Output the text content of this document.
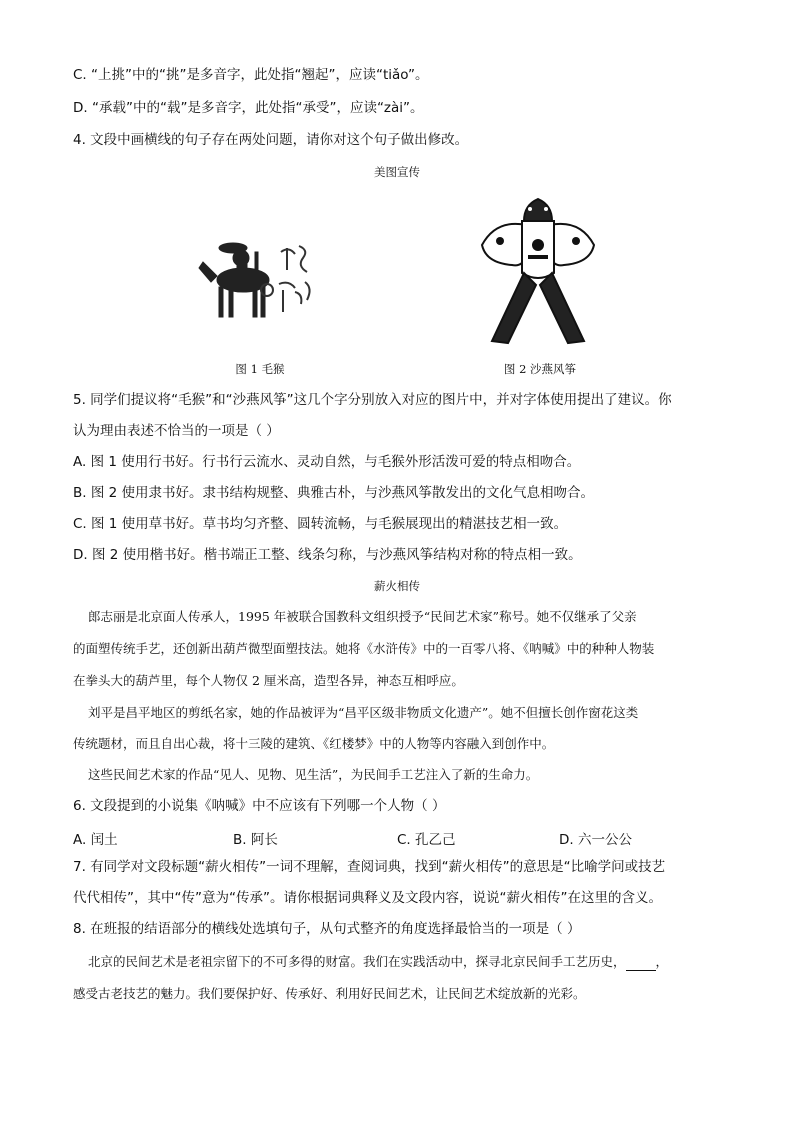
C. “上挑”中的“挑”是多音字，此处指“翘起”，应读“tiǎo”。
D. “承载”中的“载”是多音字，此处指“承受”，应读“zài”。
4. 文段中画横线的句子存在两处问题，请你对这个句子做出修改。
美图宣传
图 1 毛猴	图 2 沙燕风筝
5. 同学们提议将“毛猴”和“沙燕风筝”这几个字分别放入对应的图片中，并对字体使用提出了建议。你
认为理由表述不恰当的一项是（ ）
A. 图 1 使用行书好。行书行云流水、灵动自然，与毛猴外形活泼可爱的特点相吻合。
B. 图 2 使用隶书好。隶书结构规整、典雅古朴，与沙燕风筝散发出的文化气息相吻合。
C. 图 1 使用草书好。草书均匀齐整、圆转流畅，与毛猴展现出的精湛技艺相一致。
D. 图 2 使用楷书好。楷书端正工整、线条匀称，与沙燕风筝结构对称的特点相一致。
薪火相传
郎志丽是北京面人传承人，1995 年被联合国教科文组织授予“民间艺术家”称号。她不仅继承了父亲
的面塑传统手艺，还创新出葫芦微型面塑技法。她将《水浒传》中的一百零八将、《呐喊》中的种种人物装
在拳头大的葫芦里，每个人物仅 2 厘米高，造型各异，神态互相呼应。
刘平是昌平地区的剪纸名家，她的作品被评为“昌平区级非物质文化遗产”。她不但擅长创作窗花这类
传统题材，而且自出心裁，将十三陵的建筑、《红楼梦》中的人物等内容融入到创作中。
这些民间艺术家的作品“见人、见物、见生活”，为民间手工艺注入了新的生命力。
6. 文段提到的小说集《呐喊》中不应该有下列哪一个人物（ ）
A. 闰土	B. 阿长	C. 孔乙己	D. 六一公公
7. 有同学对文段标题“薪火相传”一词不理解，查阅词典，找到“薪火相传”的意思是“比喻学问或技艺
代代相传”，其中“传”意为“传承”。请你根据词典释义及文段内容，说说“薪火相传”在这里的含义。
8. 在班报的结语部分的横线处选填句子，从句式整齐的角度选择最恰当的一项是（ ）
北京的民间艺术是老祖宗留下的不可多得的财富。我们在实践活动中，探寻北京民间手工艺历史， ，
感受古老技艺的魅力。我们要保护好、传承好、利用好民间艺术，让民间艺术绽放新的光彩。
